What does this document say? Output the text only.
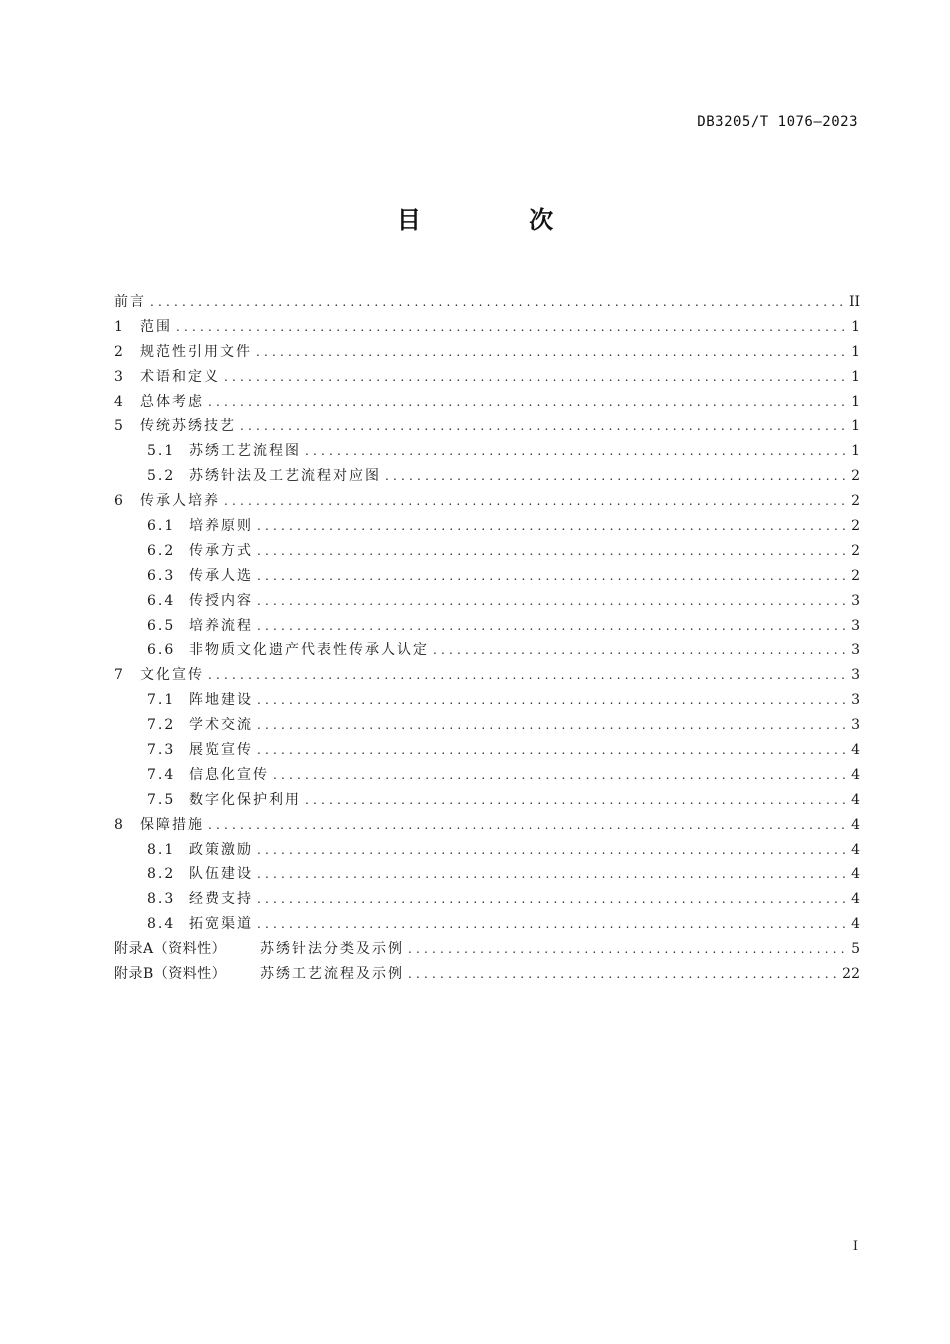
DB3205/T 1076—2023
目 次
前言 .....	II
1	范围 .....	1
2	规范性引用文件 .....	1
3	术语和定义 .....	1
4	总体考虑 .....	1
5	传统苏绣技艺 .....	1
5.1 苏绣工艺流程图 .....	1
5.2 苏绣针法及工艺流程对应图 .....	2
6	传承人培养 .....	2
6.1 培养原则 .....	2
6.2 传承方式 .....	2
6.3 传承人选 .....	2
6.4 传授内容 .....	3
6.5 培养流程 .....	3
6.6 非物质文化遗产代表性传承人认定 .....	3
7	文化宣传 .....	3
7.1 阵地建设 .....	3
7.2 学术交流 .....	3
7.3 展览宣传 .....	4
7.4 信息化宣传 .....	4
7.5 数字化保护利用 .....	4
8	保障措施 .....	4
8.1 政策激励 .....	4
8.2 队伍建设 .....	4
8.3 经费支持 .....	4
8.4 拓宽渠道 .....	4
附录A（资料性）	苏绣针法分类及示例 .....	5
附录B（资料性）	苏绣工艺流程及示例 .....	22
I
